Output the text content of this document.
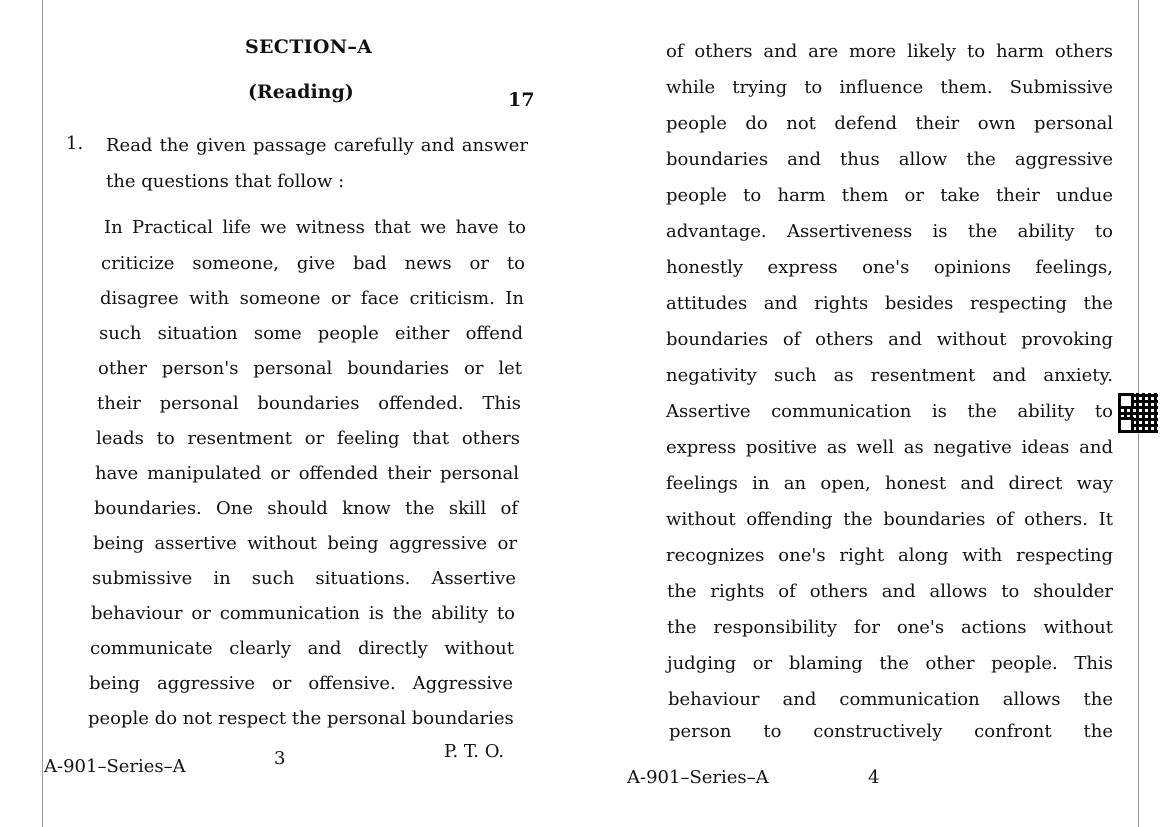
SECTION–A
(Reading)	17
1. Read the given passage carefully and answer
the questions that follow :
In Practical life we witness that we have to
criticize someone, give bad news or to
disagree with someone or face criticism. In
such situation some people either offend
other person's personal boundaries or let
their personal boundaries offended. This
leads to resentment or feeling that others
have manipulated or offended their personal
boundaries. One should know the skill of
being assertive without being aggressive or
submissive in such situations. Assertive
behaviour or communication is the ability to
communicate clearly and directly without
being aggressive or offensive. Aggressive
people do not respect the personal boundaries
A-901–Series–A	3	P. T. O.
of others and are more likely to harm others
while trying to influence them. Submissive
people do not defend their own personal
boundaries and thus allow the aggressive
people to harm them or take their undue
advantage. Assertiveness is the ability to
honestly express one's opinions feelings,
attitudes and rights besides respecting the
boundaries of others and without provoking
negativity such as resentment and anxiety.
Assertive communication is the ability to
express positive as well as negative ideas and
feelings in an open, honest and direct way
without offending the boundaries of others. It
recognizes one's right along with respecting
the rights of others and allows to shoulder
the responsibility for one's actions without
judging or blaming the other people. This
behaviour and communication allows the
person to constructively confront the
A-901–Series–A	4
